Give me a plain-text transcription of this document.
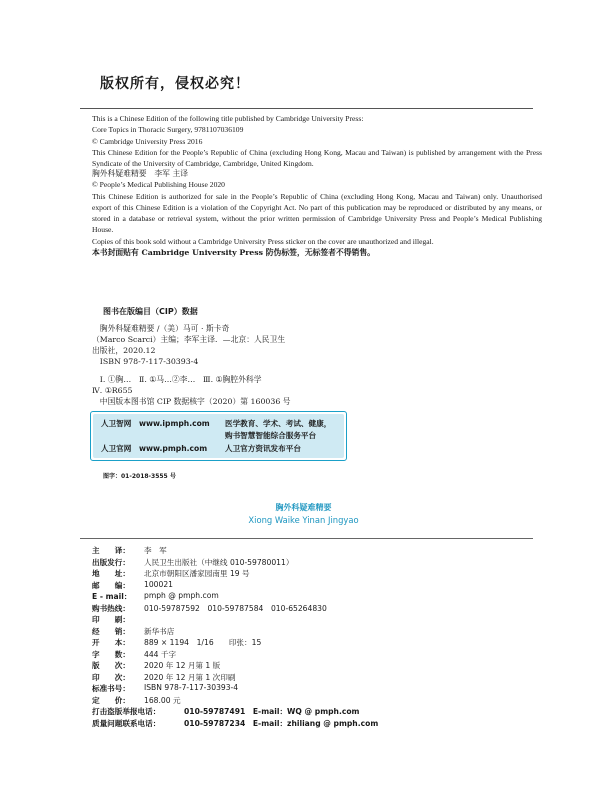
版权所有，侵权必究！
This is a Chinese Edition of the following title published by Cambridge University Press:
Core Topics in Thoracic Surgery, 9781107036109
© Cambridge University Press 2016
This Chinese Edition for the People’s Republic of China (excluding Hong Kong, Macau and Taiwan) is published by arrangement with the Press Syndicate of the University of Cambridge, Cambridge, United Kingdom.
胸外科疑难精要　李军 主译
© People’s Medical Publishing House 2020
This Chinese Edition is authorized for sale in the People’s Republic of China (excluding Hong Kong, Macau and Taiwan) only. Unauthorised export of this Chinese Edition is a violation of the Copyright Act. No part of this publication may be reproduced or distributed by any means, or stored in a database or retrieval system, without the prior written permission of Cambridge University Press and People’s Medical Publishing House.
Copies of this book sold without a Cambridge University Press sticker on the cover are unauthorized and illegal.
本书封面贴有 Cambridge University Press 防伪标签，无标签者不得销售。
图书在版编目（CIP）数据
　胸外科疑难精要 /（美）马可 · 斯卡奇
（Marco Scarci）主编；李军主译．—北京：人民卫生
出版社，2020.12
　ISBN 978-7-117-30393-4
　Ⅰ. ①胸…　Ⅱ. ①马…②李…　Ⅲ. ①胸腔外科学
Ⅳ. ①R655
　中国版本图书馆 CIP 数据核字（2020）第 160036 号
人卫智网　www.ipmph.com 医学教育、学术、考试、健康，
购书智慧智能综合服务平台
人卫官网　www.pmph.com 人卫官方资讯发布平台
图字：01-2018-3555 号
胸外科疑难精要
Xiong Waike Yinan Jingyao
主　　译： 李　军
出版发行： 人民卫生出版社（中继线 010-59780011）
地　　址： 北京市朝阳区潘家园南里 19 号
邮　　编： 100021
E - mail： pmph @ pmph.com
购书热线： 010-59787592　010-59787584　010-65264830
印　　刷：
经　　销： 新华书店
开　　本： 889 × 1194　1/16　　印张：15
字　　数： 444 千字
版　　次： 2020 年 12 月第 1 版
印　　次： 2020 年 12 月第 1 次印刷
标准书号： ISBN 978-7-117-30393-4
定　　价： 168.00 元
打击盗版举报电话：	010-59787491　E-mail：WQ @ pmph.com
质量问题联系电话：	010-59787234　E-mail：zhiliang @ pmph.com
